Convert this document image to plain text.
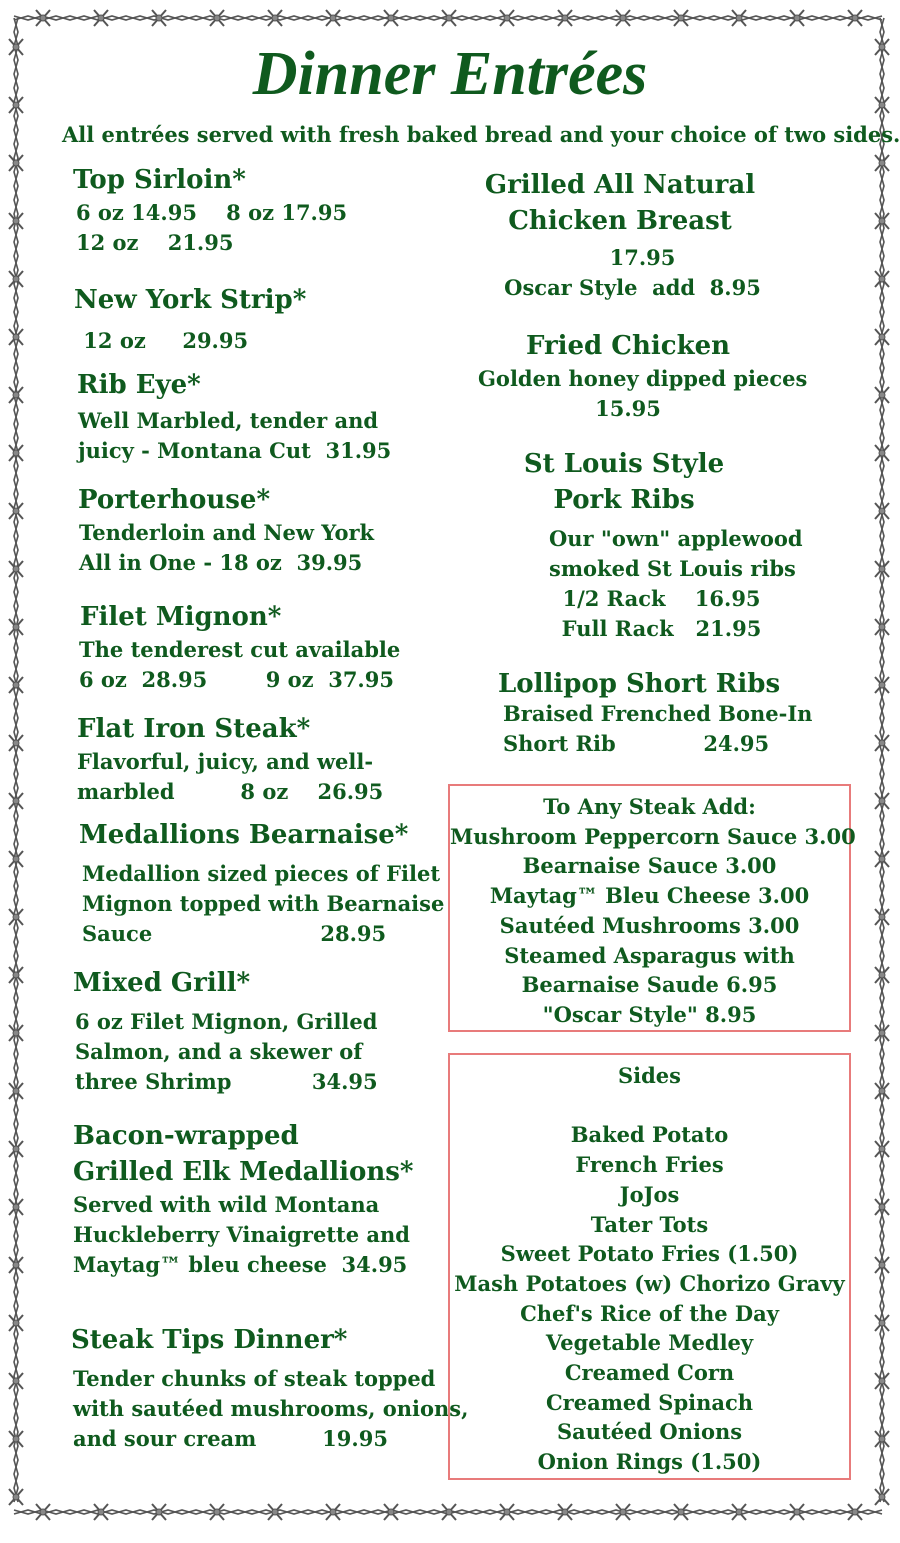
Dinner Entrées
All entrées served with fresh baked bread and your choice of two sides.
Top Sirloin*
6 oz 14.95    8 oz 17.95
12 oz    21.95
New York Strip*
12 oz     29.95
Rib Eye*
Well Marbled, tender and
juicy - Montana Cut  31.95
Porterhouse*
Tenderloin and New York
All in One - 18 oz  39.95
Filet Mignon*
The tenderest cut available
6 oz  28.95        9 oz  37.95
Flat Iron Steak*
Flavorful, juicy, and well-
marbled         8 oz    26.95
Medallions Bearnaise*
Medallion sized pieces of Filet
Mignon topped with Bearnaise
Sauce                       28.95
Mixed Grill*
6 oz Filet Mignon, Grilled
Salmon, and a skewer of
three Shrimp           34.95
Bacon-wrapped
Grilled Elk Medallions*
Served with wild Montana
Huckleberry Vinaigrette and
Maytag™ bleu cheese  34.95
Steak Tips Dinner*
Tender chunks of steak topped
with sautéed mushrooms, onions,
and sour cream         19.95
Grilled All Natural
Chicken Breast
17.95
Oscar Style  add  8.95
Fried Chicken
Golden honey dipped pieces
15.95
St Louis Style
Pork Ribs
Our "own" applewood
smoked St Louis ribs
1/2 Rack    16.95
Full Rack   21.95
Lollipop Short Ribs
Braised Frenched Bone-In
Short Rib            24.95
To Any Steak Add:
Mushroom Peppercorn Sauce 3.00
Bearnaise Sauce 3.00
Maytag™ Bleu Cheese 3.00
Sautéed Mushrooms 3.00
Steamed Asparagus with
Bearnaise Saude 6.95
"Oscar Style" 8.95
Sides
Baked Potato
French Fries
JoJos
Tater Tots
Sweet Potato Fries (1.50)
Mash Potatoes (w) Chorizo Gravy
Chef's Rice of the Day
Vegetable Medley
Creamed Corn
Creamed Spinach
Sautéed Onions
Onion Rings (1.50)
